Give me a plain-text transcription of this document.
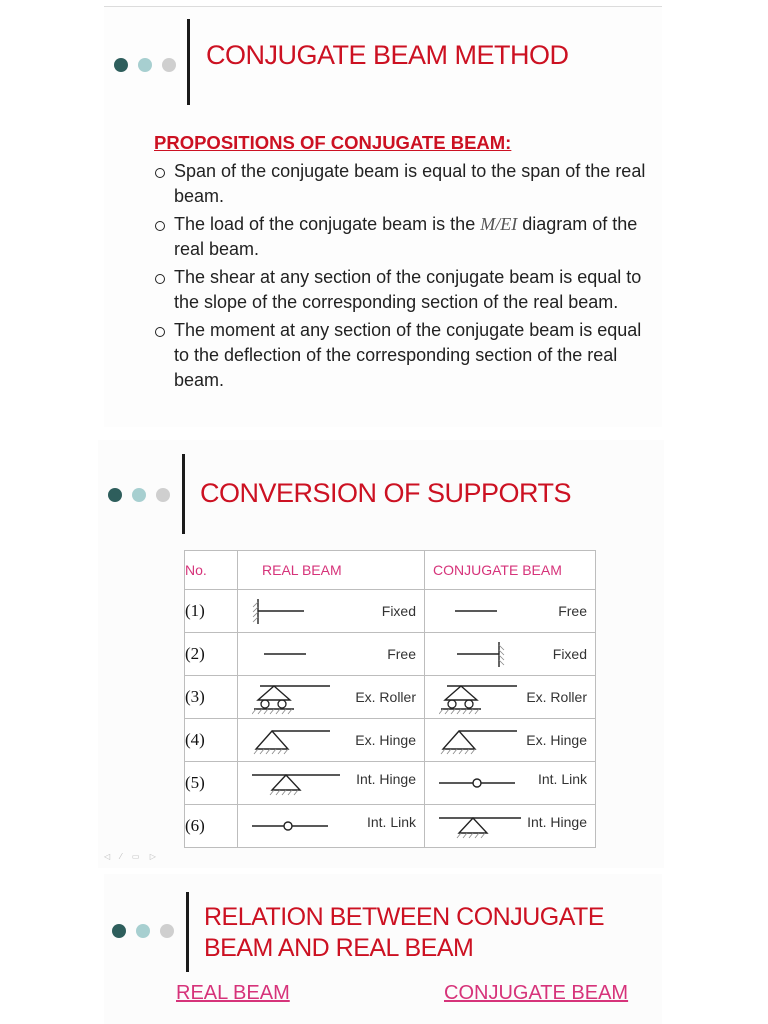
CONJUGATE BEAM METHOD
PROPOSITIONS OF CONJUGATE BEAM:
Span of the conjugate beam is equal to the span of the real beam.
The load of the conjugate beam is the M/EI diagram of the real beam.
The shear at any section of the conjugate beam is equal to the slope of the corresponding section of the real beam.
The moment at any section of the conjugate beam is equal to the deflection of the corresponding section of the real beam.
CONVERSION OF SUPPORTS
No.	REAL BEAM	CONJUGATE BEAM
(1)	Fixed	Free

(2)	Free	Fixed

(3)	Ex. Roller	Ex. Roller

(4)	Ex. Hinge	Ex. Hinge

(5)	Int. Hinge	Int. Link

(6)	Int. Link	Int. Hinge
◁ ⁄ ▭ ▷
RELATION BETWEEN CONJUGATE
BEAM AND REAL BEAM
REAL BEAM	CONJUGATE BEAM
